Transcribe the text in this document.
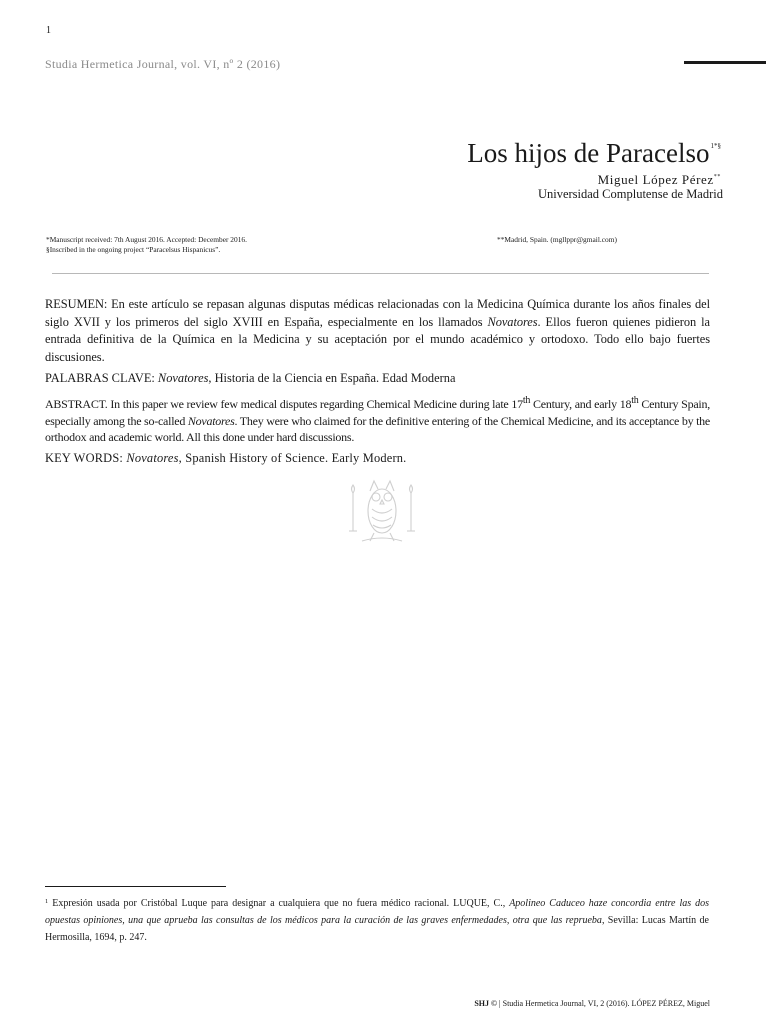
1
Studia Hermetica Journal, vol. VI, nº 2 (2016)
Los hijos de Paracelso$^{1*\S}$
Miguel López Pérez**
Universidad Complutense de Madrid
*Manuscript received: 7th August 2016. Accepted: December 2016.
§Inscribed in the ongoing project “Paracelsus Hispanicus”.
**Madrid, Spain. (mgllppr@gmail.com)
RESUMEN: En este artículo se repasan algunas disputas médicas relacionadas con la Medicina Química durante los años finales del siglo XVII y los primeros del siglo XVIII en España, especialmente en los llamados Novatores. Ellos fueron quienes pidieron la entrada definitiva de la Química en la Medicina y su aceptación por el mundo académico y ortodoxo. Todo ello bajo fuertes discusiones.
PALABRAS CLAVE: Novatores, Historia de la Ciencia en España. Edad Moderna
ABSTRACT. In this paper we review few medical disputes regarding Chemical Medicine during late 17th Century, and early 18th Century Spain, especially among the so-called Novatores. They were who claimed for the definitive entering of the Chemical Medicine, and its acceptance by the orthodox and academic world. All this done under hard discussions.
KEY WORDS: Novatores, Spanish History of Science. Early Modern.
$^1$ Expresión usada por Cristóbal Luque para designar a cualquiera que no fuera médico racional. LUQUE, C., Apolineo Caduceo haze concordia entre las dos opuestas opiniones, una que aprueba las consultas de los médicos para la curación de las graves enfermedades, otra que las repruebа, Sevilla: Lucas Martín de Hermosilla, 1694, p. 247.
SHJ © | Studia Hermetica Journal, VI, 2 (2016). LÓPEZ PÉREZ, Miguel
